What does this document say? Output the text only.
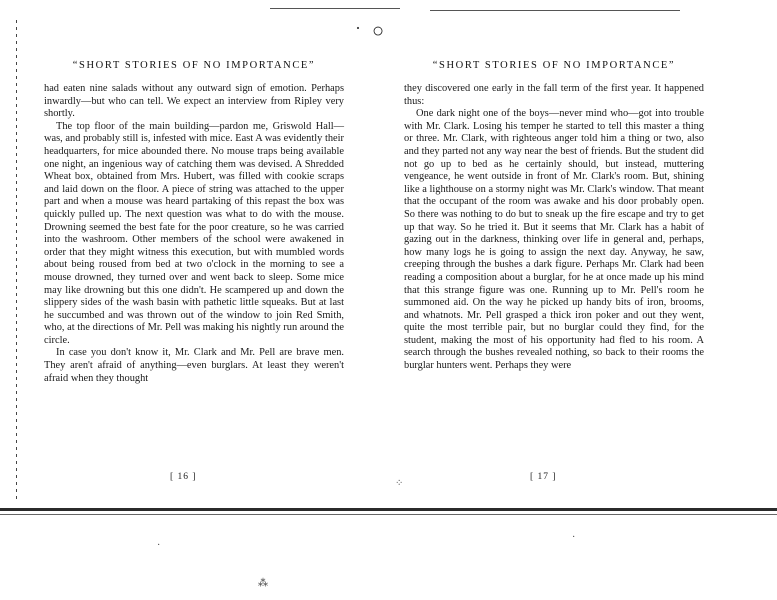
· ○
⁘
·
⁂
·
“SHORT STORIES OF NO IMPORTANCE”

had eaten nine salads without any outward sign of emotion. Perhaps inwardly—but who can tell. We expect an interview from Ripley very shortly.

The top floor of the main building—pardon me, Griswold Hall—was, and probably still is, infested with mice. East A was evidently their headquarters, for mice abounded there. No mouse traps being available one night, an ingenious way of catching them was devised. A Shredded Wheat box, obtained from Mrs. Hubert, was filled with cookie scraps and laid down on the floor. A piece of string was attached to the upper part and when a mouse was heard partaking of this repast the box was quickly pulled up. The next question was what to do with the mouse. Drowning seemed the best fate for the poor creature, so he was carried into the washroom. Other members of the school were awakened in order that they might witness this execution, but with mumbled words about being roused from bed at two o'clock in the morning to see a mouse drowned, they turned over and went back to sleep. Some mice may like drowning but this one didn't. He scampered up and down the slippery sides of the wash basin with pathetic little squeaks. But at last he succumbed and was thrown out of the window to join Red Smith, who, at the directions of Mr. Pell was making his nightly run around the circle.

In case you don't know it, Mr. Clark and Mr. Pell are brave men. They aren't afraid of anything—even burglars. At least they weren't afraid when they thought

[ 16 ]
“SHORT STORIES OF NO IMPORTANCE”

they discovered one early in the fall term of the first year. It happened thus:

One dark night one of the boys—never mind who—got into trouble with Mr. Clark. Losing his temper he started to tell this master a thing or three. Mr. Clark, with righteous anger told him a thing or two, also and they parted not any way near the best of friends. But the student did not go up to bed as he certainly should, but instead, muttering vengeance, he went outside in front of Mr. Clark's room. But, shining like a lighthouse on a stormy night was Mr. Clark's window. That meant that the occupant of the room was awake and his door probably open. So there was nothing to do but to sneak up the fire escape and try to get up that way. So he tried it. But it seems that Mr. Clark has a habit of gazing out in the darkness, thinking over life in general and, perhaps, how many logs he is going to assign the next day. Anyway, he saw, creeping through the bushes a dark figure. Perhaps Mr. Clark had been reading a composition about a burglar, for he at once made up his mind that this strange figure was one. Running up to Mr. Pell's room he summoned aid. On the way he picked up handy bits of iron, brooms, and whatnots. Mr. Pell grasped a thick iron poker and out they went, quite the most terrible pair, but no burglar could they find, for the student, making the most of his opportunity had fled to his room. A search through the bushes revealed nothing, so back to their rooms the burglar hunters went. Perhaps they were

[ 17 ]
